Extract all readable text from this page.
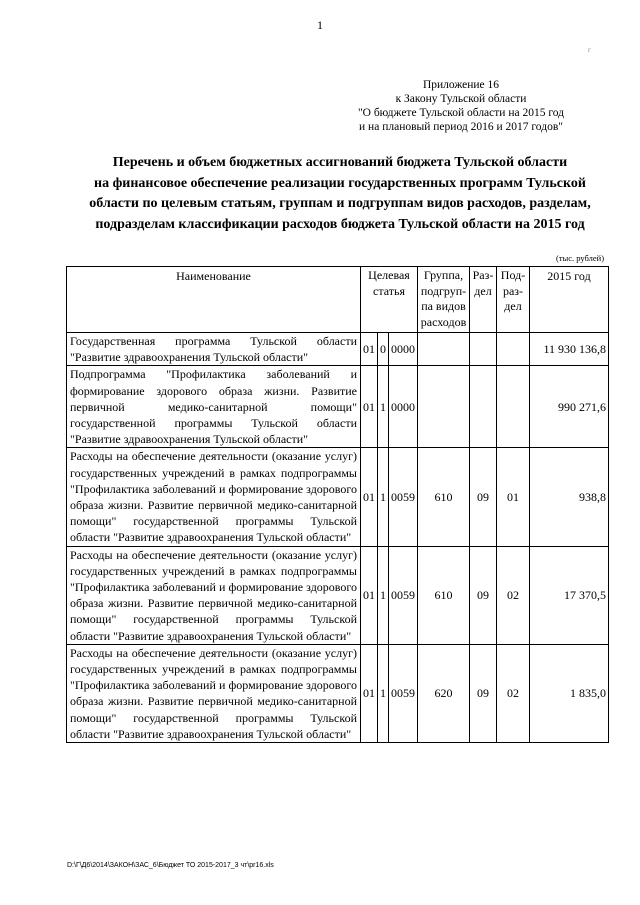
1
г
Приложение 16
к Закону Тульской области
"О бюджете Тульской области на 2015 год
и на плановый период 2016 и 2017 годов"
Перечень и объем бюджетных ассигнований бюджета Тульской области
на финансовое обеспечение реализации государственных программ Тульской
области по целевым статьям, группам и подгруппам видов расходов, разделам,
подразделам классификации расходов бюджета Тульской области на 2015 год
(тыс. рублей)
Наименование	Целевая статья			Группа, подгруп-па видов расходов	Раз-дел	Под-раз-дел	2015 год
Государственная программа Тульской области "Развитие здравоохранения Тульской области"	01	0	0000				11 930 136,8
Подпрограмма "Профилактика заболеваний и формирование здорового образа жизни. Развитие первичной медико-санитарной помощи" государственной программы Тульской области "Развитие здравоохранения Тульской области"	01	1	0000				990 271,6
Расходы на обеспечение деятельности (оказание услуг) государственных учреждений в рамках подпрограммы "Профилактика заболеваний и формирование здорового образа жизни. Развитие первичной медико-санитарной помощи" государственной программы Тульской области "Развитие здравоохранения Тульской области"	01	1	0059	610	09	01	938,8
Расходы на обеспечение деятельности (оказание услуг) государственных учреждений в рамках подпрограммы "Профилактика заболеваний и формирование здорового образа жизни. Развитие первичной медико-санитарной помощи" государственной программы Тульской области "Развитие здравоохранения Тульской области"	01	1	0059	610	09	02	17 370,5
Расходы на обеспечение деятельности (оказание услуг) государственных учреждений в рамках подпрограммы "Профилактика заболеваний и формирование здорового образа жизни. Развитие первичной медико-санитарной помощи" государственной программы Тульской области "Развитие здравоохранения Тульской области"	01	1	0059	620	09	02	1 835,0
D:\Г\Д6\2014\ЗАКОН\ЗАС_6\Бюджет ТО 2015-2017_3 чт\pr16.xls
